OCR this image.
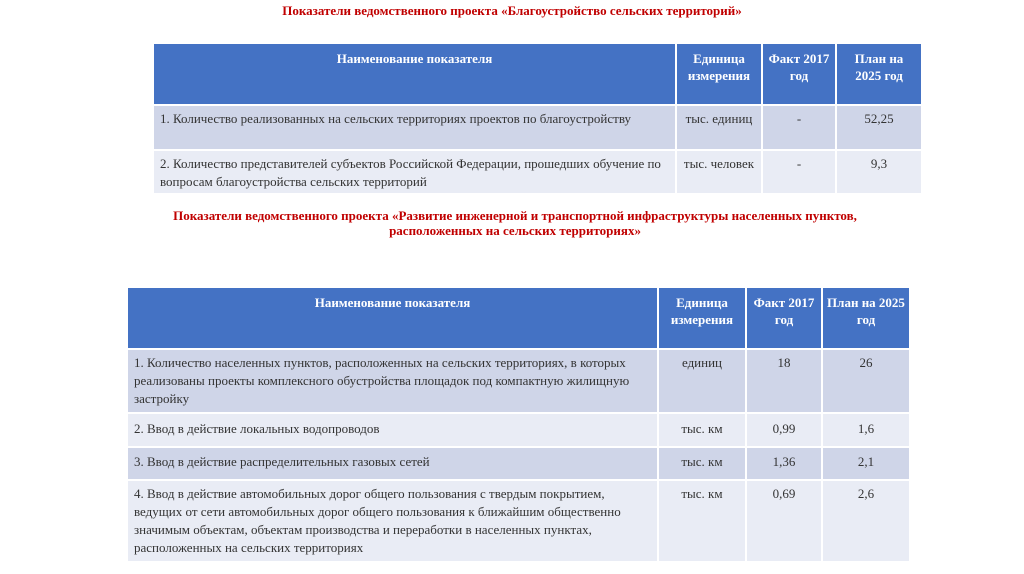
Показатели ведомственного проекта «Благоустройство сельских территорий»
Наименование показателя	Единица измерения	Факт 2017 год	План на 2025 год
1. Количество реализованных на сельских территориях проектов по благоустройству	тыс. единиц	-	52,25
2. Количество представителей субъектов Российской Федерации, прошедших обучение по вопросам благоустройства сельских территорий	тыс. человек	-	9,3
Показатели ведомственного проекта «Развитие инженерной и транспортной инфраструктуры населенных пунктов, расположенных на сельских территориях»
Наименование показателя	Единица измерения	Факт 2017 год	План на 2025 год
1. Количество населенных пунктов, расположенных на сельских территориях, в которых реализованы проекты комплексного обустройства площадок под компактную жилищную застройку	единиц	18	26
2. Ввод в действие локальных водопроводов	тыс. км	0,99	1,6
3. Ввод в действие распределительных газовых сетей	тыс. км	1,36	2,1
4. Ввод в действие автомобильных дорог общего пользования с твердым покрытием, ведущих от сети автомобильных дорог общего пользования к ближайшим общественно значимым объектам, объектам производства и переработки в населенных пунктах, расположенных на сельских территориях	тыс. км	0,69	2,6
